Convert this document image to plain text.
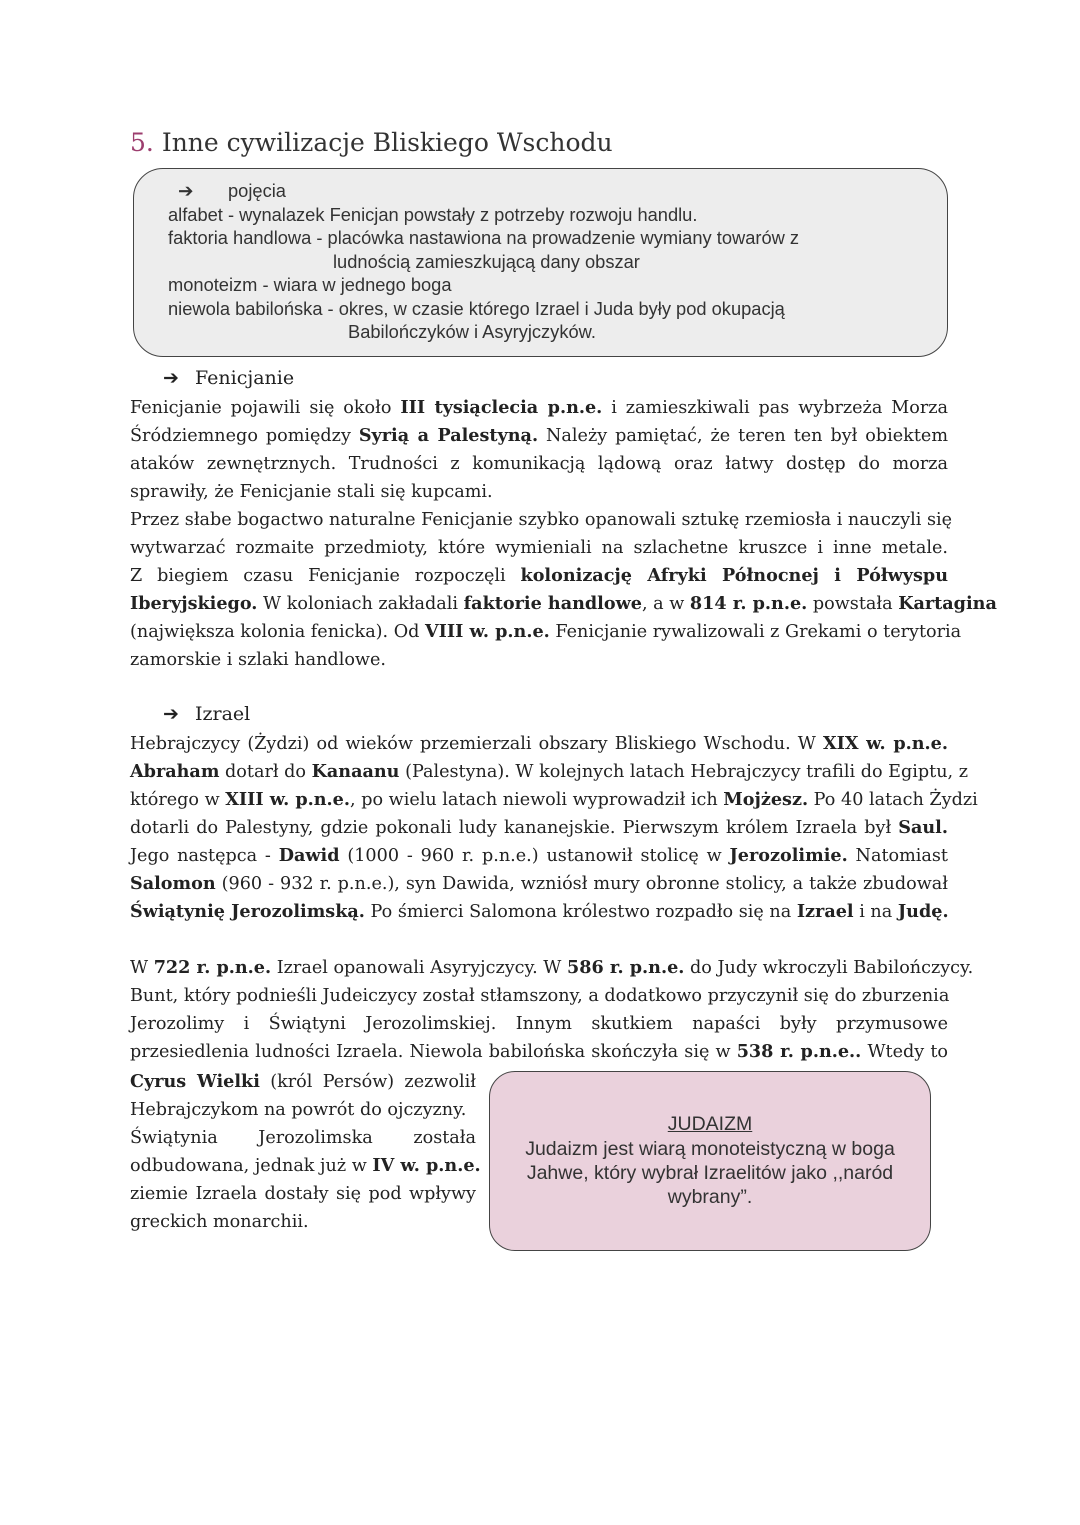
5. Inne cywilizacje Bliskiego Wschodu
➔ pojęcia
alfabet - wynalazek Fenicjan powstały z potrzeby rozwoju handlu.
faktoria handlowa - placówka nastawiona na prowadzenie wymiany towarów z
ludnością zamieszkującą dany obszar
monoteizm - wiara w jednego boga
niewola babilońska - okres, w czasie którego Izrael i Juda były pod okupacją
Babilończyków i Asyryjczyków.
➔ Fenicjanie
Fenicjanie pojawili się około III tysiąclecia p.n.e. i zamieszkiwali pas wybrzeża Morza
Śródziemnego pomiędzy Syrią a Palestyną. Należy pamiętać, że teren ten był obiektem
ataków zewnętrznych. Trudności z komunikacją lądową oraz łatwy dostęp do morza
sprawiły, że Fenicjanie stali się kupcami.
Przez słabe bogactwo naturalne Fenicjanie szybko opanowali sztukę rzemiosła i nauczyli się
wytwarzać rozmaite przedmioty, które wymieniali na szlachetne kruszce i inne metale.
Z biegiem czasu Fenicjanie rozpoczęli kolonizację Afryki Północnej i Półwyspu
Iberyjskiego. W koloniach zakładali faktorie handlowe, a w 814 r. p.n.e. powstała Kartagina
(największa kolonia fenicka). Od VIII w. p.n.e. Fenicjanie rywalizowali z Grekami o terytoria
zamorskie i szlaki handlowe.
➔ Izrael
Hebrajczycy (Żydzi) od wieków przemierzali obszary Bliskiego Wschodu. W XIX w. p.n.e.
Abraham dotarł do Kanaanu (Palestyna). W kolejnych latach Hebrajczycy trafili do Egiptu, z
którego w XIII w. p.n.e., po wielu latach niewoli wyprowadził ich Mojżesz. Po 40 latach Żydzi
dotarli do Palestyny, gdzie pokonali ludy kananejskie. Pierwszym królem Izraela był Saul.
Jego następca - Dawid (1000 - 960 r. p.n.e.) ustanowił stolicę w Jerozolimie. Natomiast
Salomon (960 - 932 r. p.n.e.), syn Dawida, wzniósł mury obronne stolicy, a także zbudował
Świątynię Jerozolimską. Po śmierci Salomona królestwo rozpadło się na Izrael i na Judę.
W 722 r. p.n.e. Izrael opanowali Asyryjczycy. W 586 r. p.n.e. do Judy wkroczyli Babilończycy.
Bunt, który podnieśli Judeiczycy został stłamszony, a dodatkowo przyczynił się do zburzenia
Jerozolimy i Świątyni Jerozolimskiej. Innym skutkiem napaści były przymusowe
przesiedlenia ludności Izraela. Niewola babilońska skończyła się w 538 r. p.n.e.. Wtedy to
Cyrus Wielki (król Persów) zezwolił
Hebrajczykom na powrót do ojczyzny.
Świątynia Jerozolimska została
odbudowana, jednak już w IV w. p.n.e.
ziemie Izraela dostały się pod wpływy
greckich monarchii.
JUDAIZM
Judaizm jest wiarą monoteistyczną w boga
Jahwe, który wybrał Izraelitów jako ,,naród
wybrany”.
